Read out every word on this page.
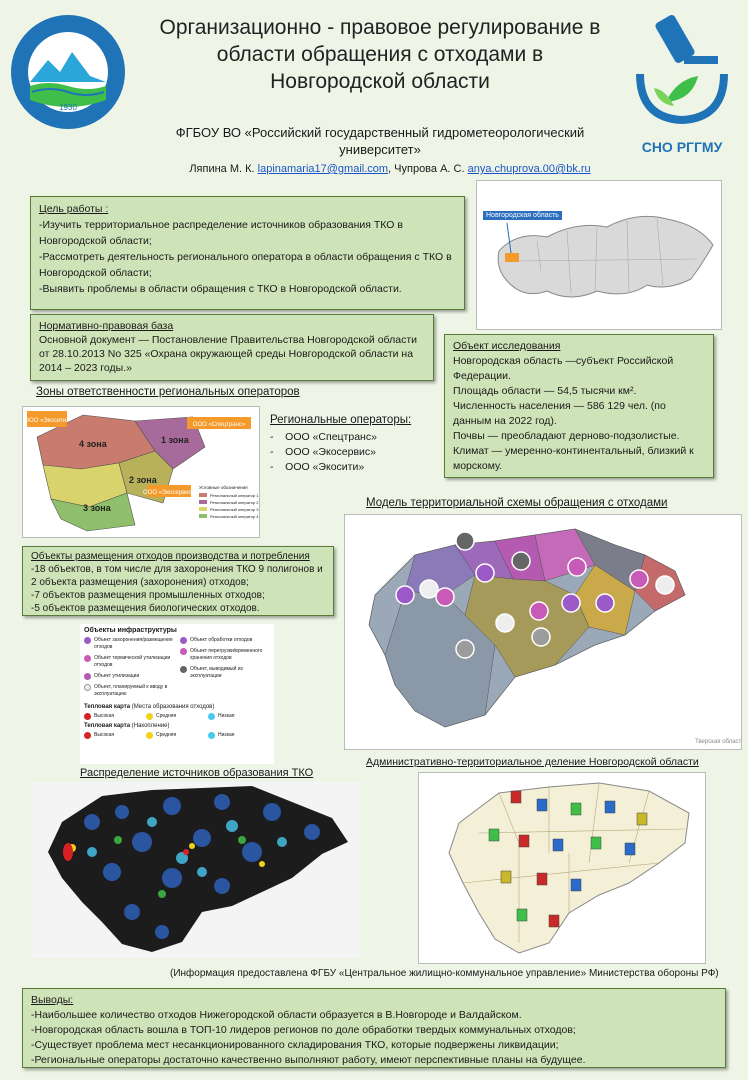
1930
Организационно - правовое регулирование в
области обращения с отходами в
Новгородской области
СНО РГГМУ
ФГБОУ ВО «Российский государственный гидрометеорологический
университет»
Ляпина М. К. lapinamaria17@gmail.com, Чупрова А. С. anya.chuprova.00@bk.ru
Цель работы :
-Изучить территориальное распределение источников образования ТКО в Новгородской области;
-Рассмотреть деятельность регионального оператора в области обращения с ТКО в Новгородской области;
-Выявить проблемы в области обращения с ТКО в Новгородской области.
Новгородская область
Нормативно-правовая база
Основной документ — Постановление Правительства Новгородской области от 28.10.2013 No 325 «Охрана окружающей среды Новгородской области на 2014 – 2023 годы.»
Объект исследования
Новгородская область —субъект Российской Федерации.
Площадь области — 54,5 тысячи км².
Численность населения — 586 129 чел. (по данным на 2022 год).
Почвы — преобладают дерново-подзолистые.
Климат — умеренно-континентальный, близкий к морскому.
Зоны ответственности региональных операторов
4 зона	1 зона
2 зона
3 зона
ООО «Экосити»
ООО «Спецтранс»
ООО «Экосервис»
Условные обозначения
Региональный оператор 1
Региональный оператор 2
Региональный оператор 3
Региональный оператор 4
Региональные операторы:
-    ООО «Спецтранс»
-    ООО «Экосервис»
-    ООО «Экосити»
Модель территориальной схемы обращения с отходами
Тверская область
Объекты размещения отходов производства и потребления
-18 объектов, в том числе для захоронения ТКО 9 полигонов и 2 объекта размещения (захоронения) отходов;
-7 объектов размещения промышленных отходов;
-5 объектов размещения биологических отходов.
Объекты инфраструктуры
Объект захоронения/размещения отходов
Объект термической утилизации отходов
Объект утилизации
Объект, планируемый к вводу в эксплуатацию
Объект обработки отходов
Объект перегрузки/временного хранения отходов
Объект, выводимый из эксплуатации
Тепловая карта (Места образования отходов)
Высокая	Средняя	Низкая
Тепловая карта (Накопление)
Высокая	Средняя	Низкая
Административно-территориальное деление Новгородской области
Распределение источников образования ТКО
(Информация предоставлена ФГБУ «Центральное жилищно-коммунальное управление» Министерства обороны РФ)
Выводы:
-Наибольшее количество отходов Нижегородской области образуется в В.Новгороде и Валдайском.
-Новгородская область вошла в ТОП-10 лидеров регионов по доле обработки твердых коммунальных отходов;
-Существует проблема мест несанкционированного складирования ТКО, которые подвержены ликвидации;
-Региональные операторы достаточно качественно выполняют работу, имеют перспективные планы на будущее.
